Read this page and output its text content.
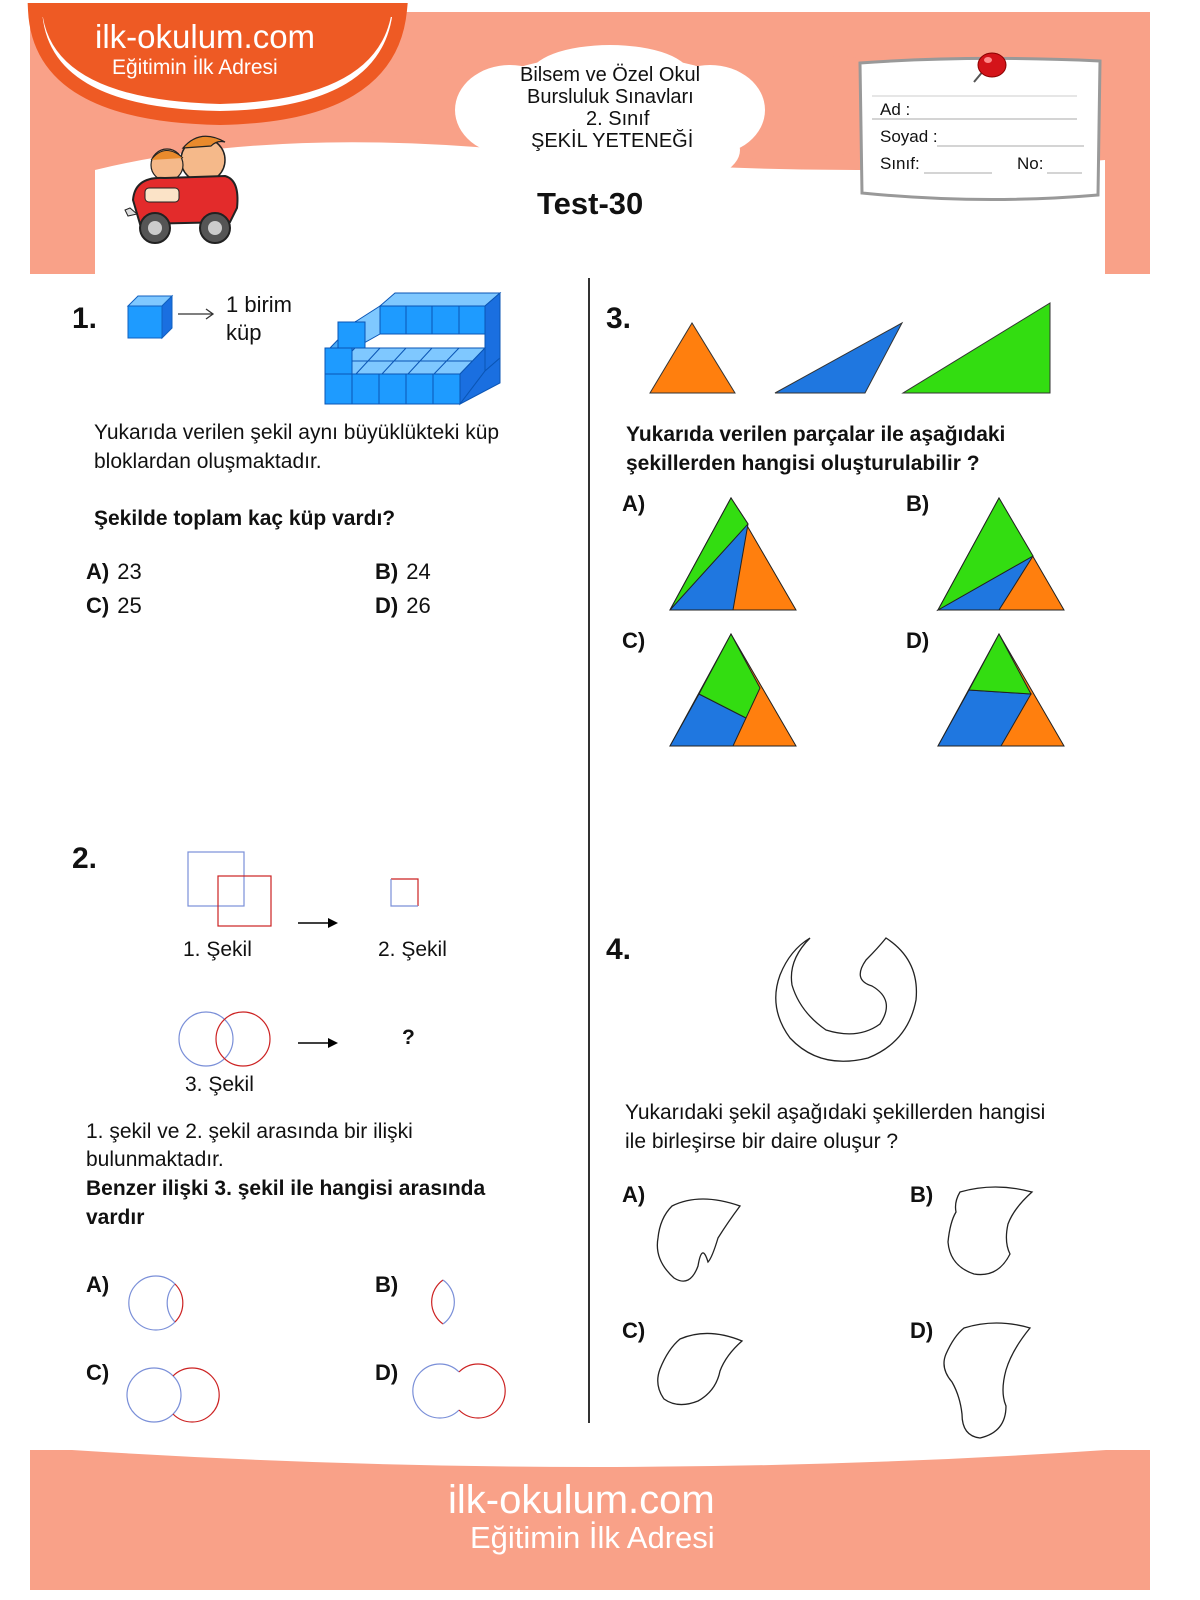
ilk-okulum.com
Eğitimin İlk Adresi	Bilsem ve Özel Okul
Bursluluk Sınavları
2. Sınıf
ŞEKİL YETENEĞİ
Test-30
Ad :
Soyad :
Sınıf:	No:
1.	1 birim
küp
Yukarıda verilen şekil aynı büyüklükteki küp
bloklardan oluşmaktadır.
Şekilde toplam kaç küp vardı?
A) 23	B) 24
C) 25	D) 26
2.
1. Şekil	2. Şekil
?
3. Şekil
1. şekil ve 2. şekil arasında bir ilişki
bulunmaktadır.
Benzer ilişki 3. şekil ile hangisi arasında
vardır
A)	B)
C)	D)
3.
Yukarıda verilen parçalar ile aşağıdaki
şekillerden hangisi oluşturulabilir ?
A)	B)
C)	D)
4.
Yukarıdaki şekil aşağıdaki şekillerden hangisi
ile birleşirse bir daire oluşur ?
A)	B)
C)	D)
ilk-okulum.com
Eğitimin İlk Adresi
